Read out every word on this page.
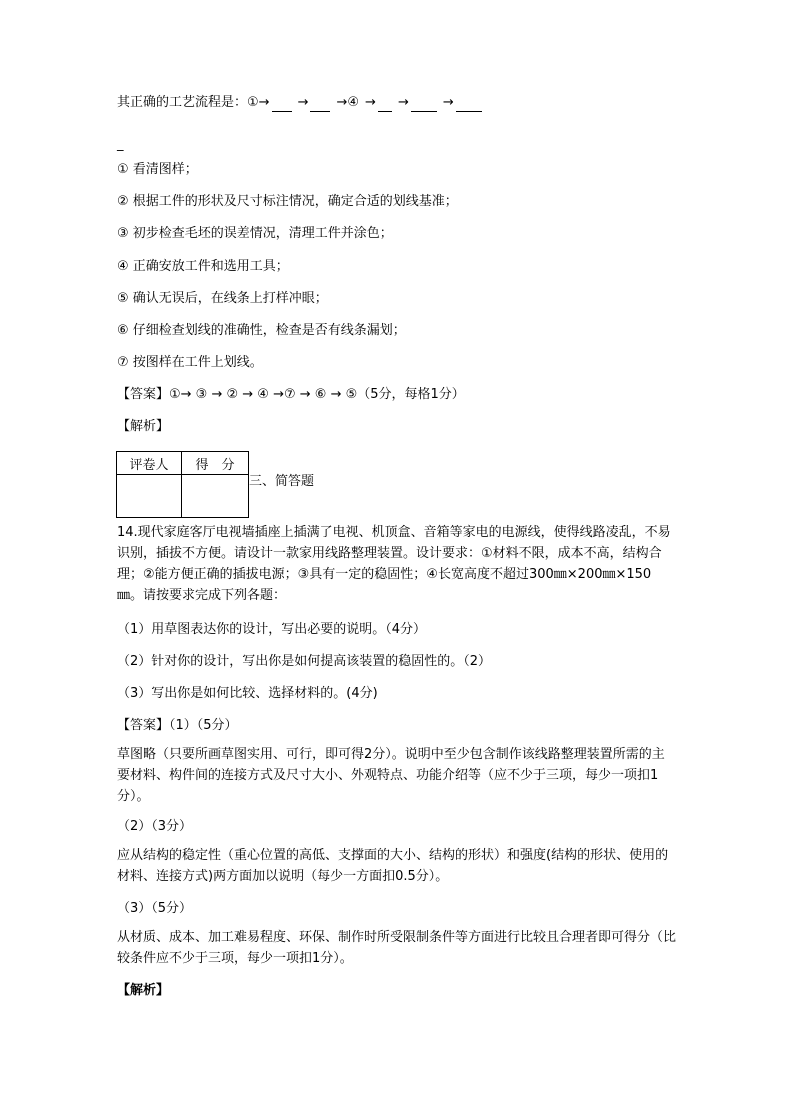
其正确的工艺流程是：①→ → → ④ → →	→
_
① 看清图样；
② 根据工件的形状及尺寸标注情况，确定合适的划线基准；
③ 初步检查毛坯的误差情况，清理工件并涂色；
④ 正确安放工件和选用工具；
⑤ 确认无误后，在线条上打样冲眼；
⑥ 仔细检查划线的准确性，检查是否有线条漏划；
⑦ 按图样在工件上划线。
【答案】①→ ③ → ② → ④ →⑦ → ⑥ → ⑤（5分，每格1分）
【解析】
评卷人	得　分

三、简答题
14.现代家庭客厅电视墙插座上插满了电视、机顶盒、音箱等家电的电源线，使得线路凌乱，不易识别，插拔不方便。请设计一款家用线路整理装置。设计要求：①材料不限，成本不高，结构合理；②能方便正确的插拔电源；③具有一定的稳固性；④长宽高度不超过300㎜×200㎜×150㎜。请按要求完成下列各题：
（1）用草图表达你的设计，写出必要的说明。（4分）
（2）针对你的设计，写出你是如何提高该装置的稳固性的。（2）
（3）写出你是如何比较、选择材料的。(4分)
【答案】（1）（5分）
草图略（只要所画草图实用、可行，即可得2分）。说明中至少包含制作该线路整理装置所需的主要材料、构件间的连接方式及尺寸大小、外观特点、功能介绍等（应不少于三项，每少一项扣1分）。
（2）（3分）
应从结构的稳定性（重心位置的高低、支撑面的大小、结构的形状）和强度(结构的形状、使用的材料、连接方式)两方面加以说明（每少一方面扣0.5分）。
（3）（5分）
从材质、成本、加工难易程度、环保、制作时所受限制条件等方面进行比较且合理者即可得分（比较条件应不少于三项，每少一项扣1分）。
【解析】
